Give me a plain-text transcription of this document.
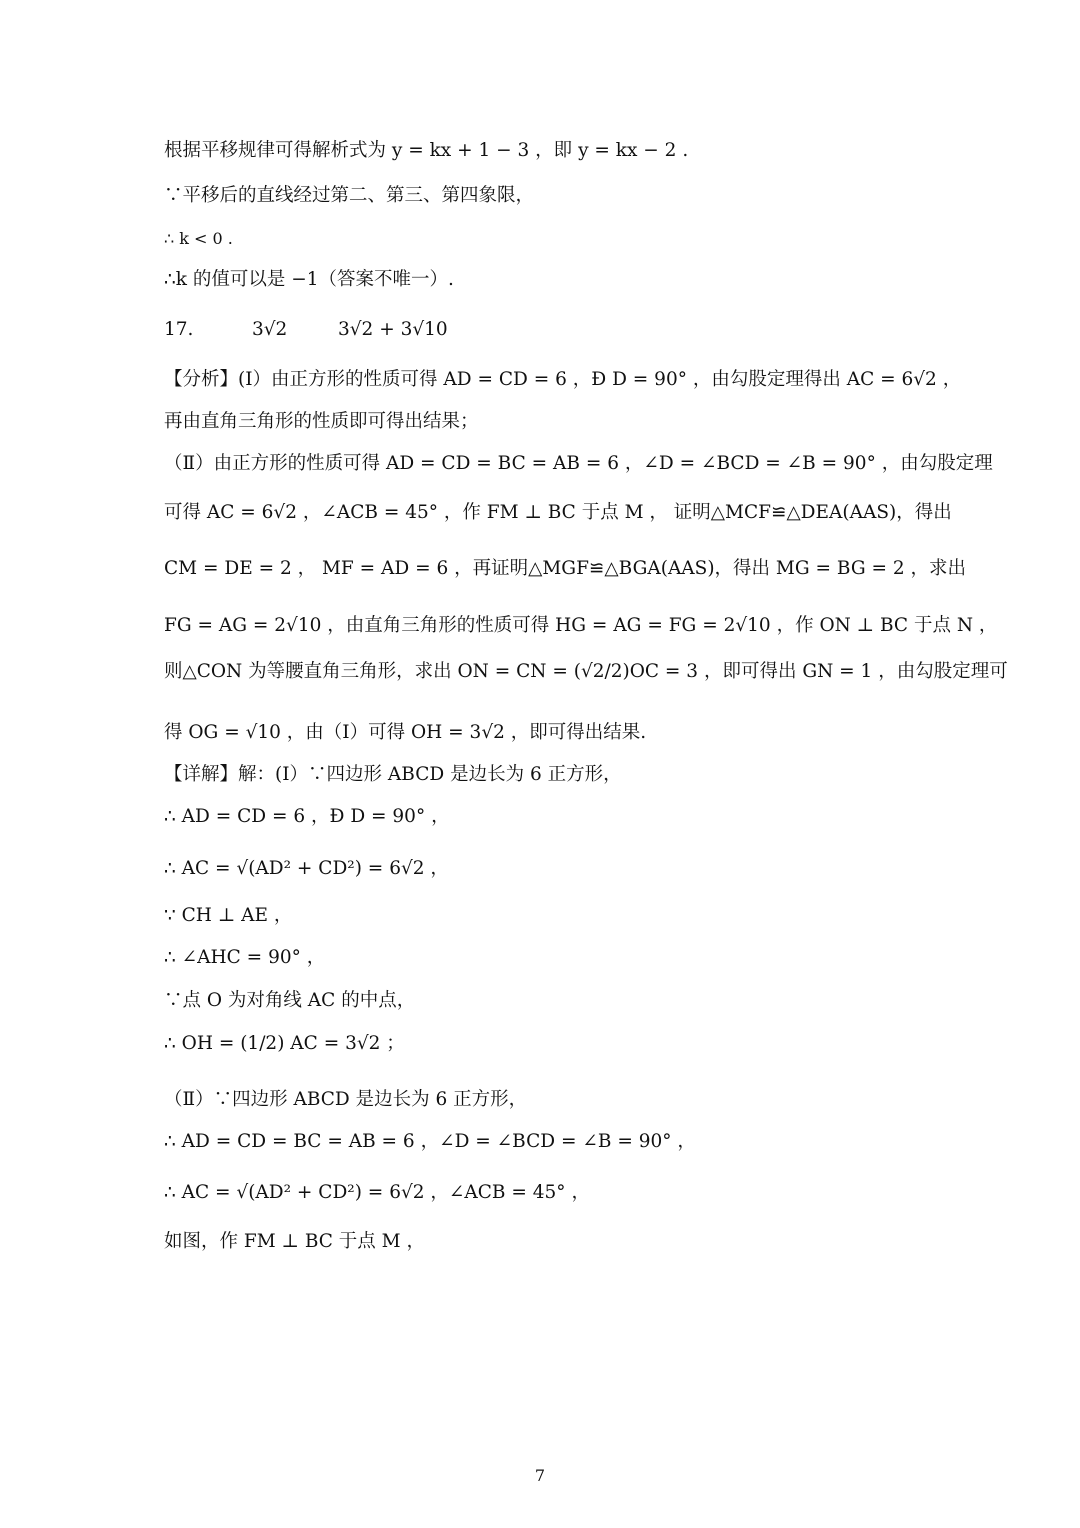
根据平移规律可得解析式为 y = kx + 1 − 3 ，即 y = kx − 2 .
∵平移后的直线经过第二、第三、第四象限，
∴ k < 0 .
∴k 的值可以是 −1（答案不唯一）.
17.	3√2	3√2 + 3√10
【分析】(Ⅰ）由正方形的性质可得 AD = CD = 6 ，Ð D = 90° ，由勾股定理得出 AC = 6√2 ，
再由直角三角形的性质即可得出结果；
（Ⅱ）由正方形的性质可得 AD = CD = BC = AB = 6 ，∠D = ∠BCD = ∠B = 90° ，由勾股定理
可得 AC = 6√2 ，∠ACB = 45° ，作 FM ⊥ BC 于点 M ， 证明△MCF≌△DEA(AAS)，得出
CM = DE = 2 ， MF = AD = 6 ，再证明△MGF≌△BGA(AAS)，得出 MG = BG = 2 ，求出
FG = AG = 2√10 ，由直角三角形的性质可得 HG = AG = FG = 2√10 ，作 ON ⊥ BC 于点 N ，
则△CON 为等腰直角三角形，求出 ON = CN = (√2/2)OC = 3 ，即可得出 GN = 1 ，由勾股定理可
得 OG = √10 ，由（I）可得 OH = 3√2 ，即可得出结果.
【详解】解：(Ⅰ）∵四边形 ABCD 是边长为 6 正方形，
∴ AD = CD = 6 ，Ð D = 90° ，
∴ AC = √(AD² + CD²) = 6√2 ，
∵ CH ⊥ AE ，
∴ ∠AHC = 90° ，
∵点 O 为对角线 AC 的中点，
∴ OH = (1/2) AC = 3√2 ；
（Ⅱ）∵四边形 ABCD 是边长为 6 正方形，
∴ AD = CD = BC = AB = 6 ，∠D = ∠BCD = ∠B = 90° ，
∴ AC = √(AD² + CD²) = 6√2 ，∠ACB = 45° ，
如图，作 FM ⊥ BC 于点 M ，
7
